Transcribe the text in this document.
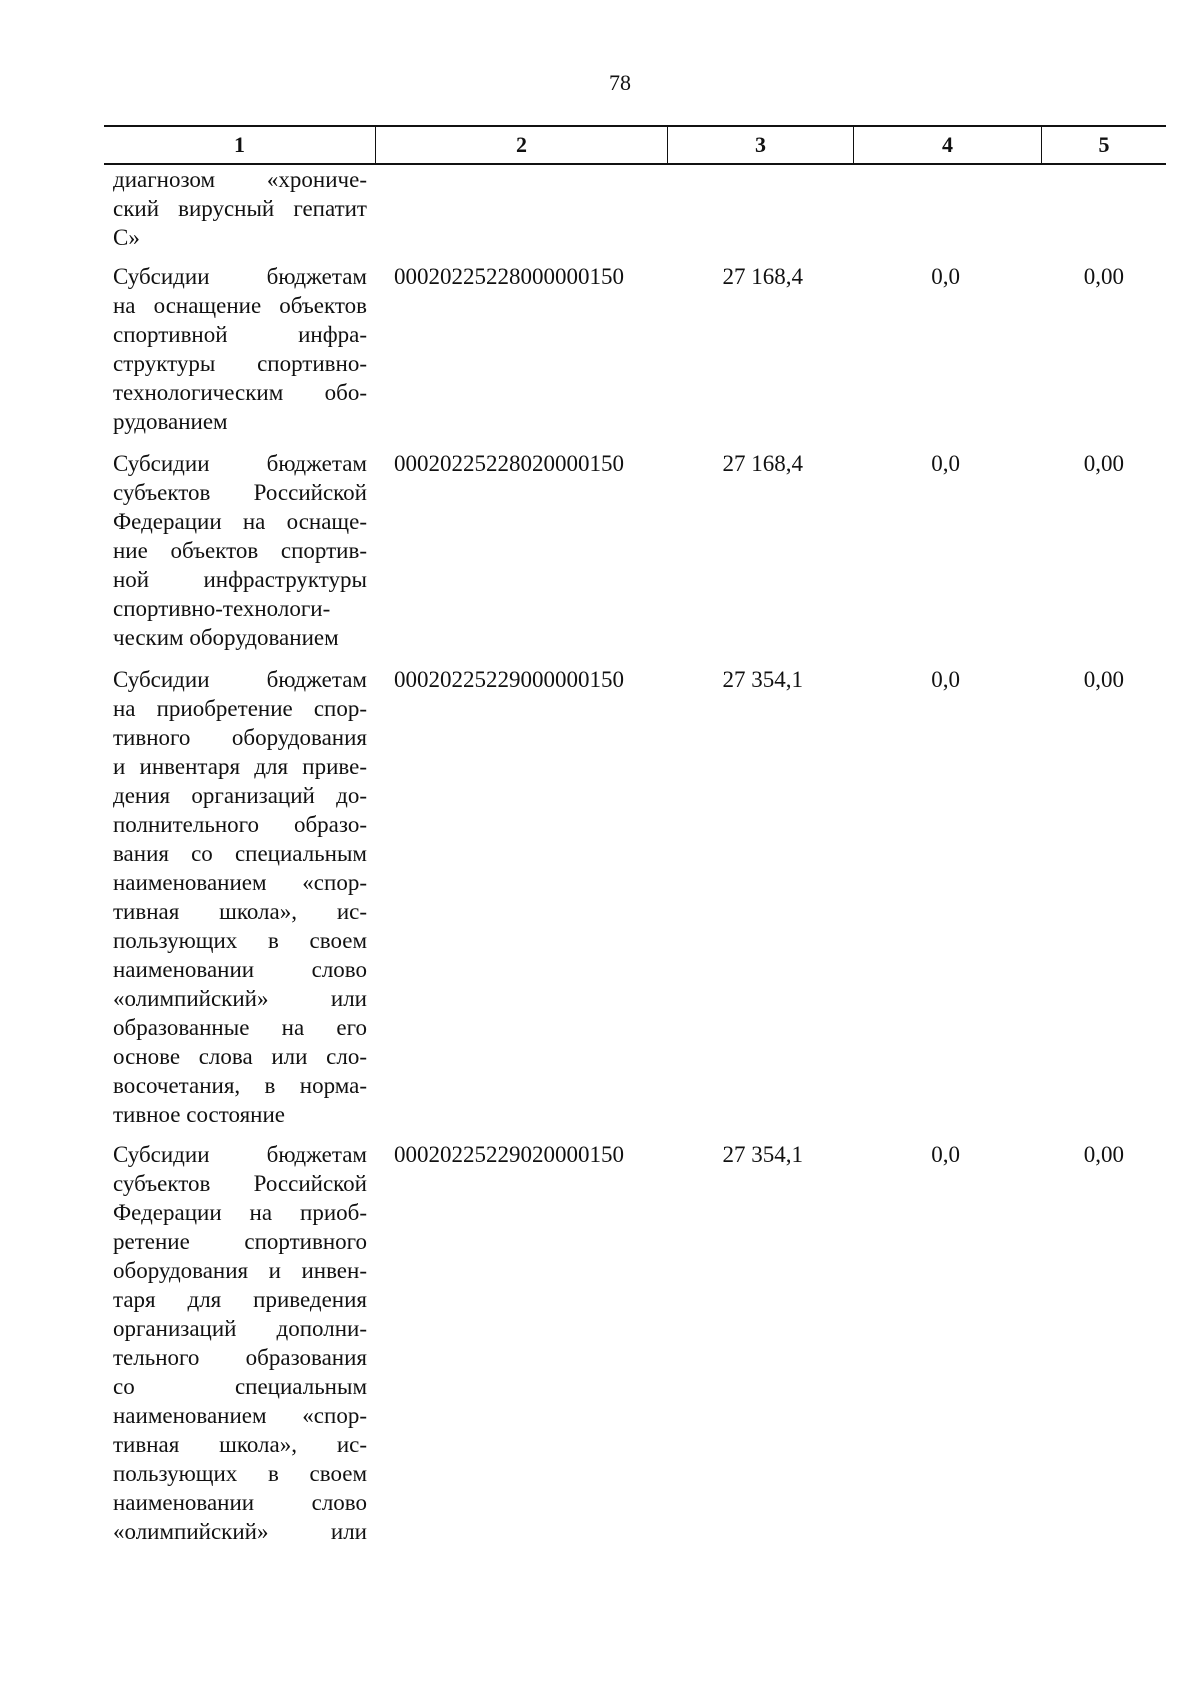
78
1	2	3	4	5
диагнозом «хрониче-
ский вирусный гепатит
С»
Субсидии бюджетам
на оснащение объектов
спортивной инфра-
структуры спортивно-
технологическим обо-
рудованием
00020225228000000150	27 168,4	0,0	0,00
Субсидии бюджетам
субъектов Российской
Федерации на оснаще-
ние объектов спортив-
ной инфраструктуры
спортивно-технологи-
ческим оборудованием
00020225228020000150	27 168,4	0,0	0,00
Субсидии бюджетам
на приобретение спор-
тивного оборудования
и инвентаря для приве-
дения организаций до-
полнительного образо-
вания со специальным
наименованием «спор-
тивная школа», ис-
пользующих в своем
наименовании слово
«олимпийский» или
образованные на его
основе слова или сло-
восочетания, в норма-
тивное состояние
00020225229000000150	27 354,1	0,0	0,00
Субсидии бюджетам
субъектов Российской
Федерации на приоб-
ретение спортивного
оборудования и инвен-
таря для приведения
организаций дополни-
тельного образования
со специальным
наименованием «спор-
тивная школа», ис-
пользующих в своем
наименовании слово
«олимпийский» или
00020225229020000150	27 354,1	0,0	0,00
